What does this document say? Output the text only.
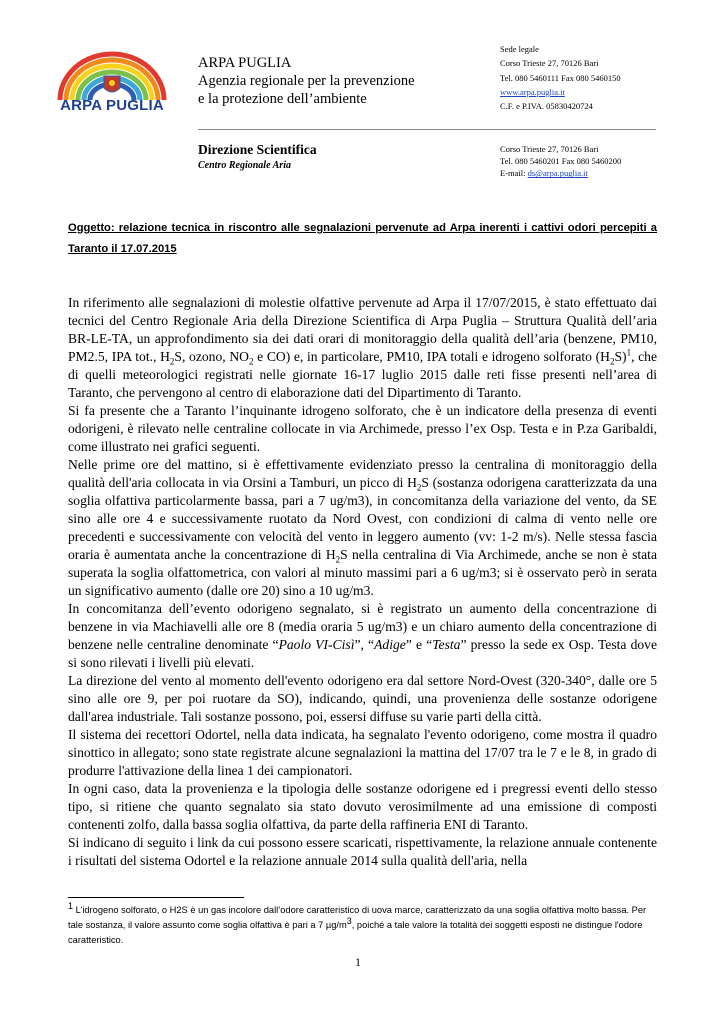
ARPA PUGLIA
ARPA PUGLIA
Agenzia regionale per la prevenzione
e la protezione dell’ambiente
Sede legale
Corso Trieste 27, 70126 Bari
Tel. 080 5460111 Fax 080 5460150
www.arpa.puglia.it
C.F. e P.IVA. 05830420724
Direzione Scientifica
Centro Regionale Aria
Corso Trieste 27, 70126 Bari
Tel. 080 5460201 Fax 080 5460200
E-mail: ds@arpa.puglia.it
Oggetto: relazione tecnica in riscontro alle segnalazioni pervenute ad Arpa inerenti i cattivi odori percepiti a Taranto il 17.07.2015

In riferimento alle segnalazioni di molestie olfattive pervenute ad Arpa il 17/07/2015, è stato effettuato dai tecnici del Centro Regionale Aria della Direzione Scientifica di Arpa Puglia – Struttura Qualità dell’aria BR-LE-TA, un approfondimento sia dei dati orari di monitoraggio della qualità dell’aria (benzene, PM10, PM2.5, IPA tot., $H_2S$, ozono, $NO_2$ e CO) e, in particolare, PM10, IPA totali e idrogeno solforato $(H_2S)^1$, che di quelli meteorologici registrati nelle giornate 16-17 luglio 2015 dalle reti fisse presenti nell’area di Taranto, che pervengono al centro di elaborazione dati del Dipartimento di Taranto.

Si fa presente che a Taranto l’inquinante idrogeno solforato, che è un indicatore della presenza di eventi odorigeni, è rilevato nelle centraline collocate in via Archimede, presso l’ex Osp. Testa e in P.za Garibaldi, come illustrato nei grafici seguenti.

Nelle prime ore del mattino, si è effettivamente evidenziato presso la centralina di monitoraggio della qualità dell'aria collocata in via Orsini a Tamburi, un picco di $H_2S$ (sostanza odorigena caratterizzata da una soglia olfattiva particolarmente bassa, pari a 7 ug/m3), in concomitanza della variazione del vento, da SE sino alle ore 4 e successivamente ruotato da Nord Ovest, con condizioni di calma di vento nelle ore precedenti e successivamente con velocità del vento in leggero aumento (vv: 1-2 m/s). Nelle stessa fascia oraria è aumentata anche la concentrazione di $H_2S$ nella centralina di Via Archimede, anche se non è stata superata la soglia olfattometrica, con valori al minuto massimi pari a 6 ug/m3; si è osservato però in serata un significativo aumento (dalle ore 20) sino a 10 ug/m3.

In concomitanza dell’evento odorigeno segnalato, si è registrato un aumento della concentrazione di benzene in via Machiavelli alle ore 8 (media oraria 5 ug/m3) e un chiaro aumento della concentrazione di benzene nelle centraline denominate “Paolo VI-Cisì”, “Adige” e “Testa” presso la sede ex Osp. Testa dove si sono rilevati i livelli più elevati.

La direzione del vento al momento dell'evento odorigeno era dal settore Nord-Ovest (320-340°, dalle ore 5 sino alle ore 9, per poi ruotare da SO), indicando, quindi, una provenienza delle sostanze odorigene dall'area industriale. Tali sostanze possono, poi, essersi diffuse su varie parti della città.

Il sistema dei recettori Odortel, nella data indicata, ha segnalato l'evento odorigeno, come mostra il quadro sinottico in allegato; sono state registrate alcune segnalazioni la mattina del 17/07 tra le 7 e le 8, in grado di produrre l'attivazione della linea 1 dei campionatori.

In ogni caso, data la provenienza e la tipologia delle sostanze odorigene ed i pregressi eventi dello stesso tipo, si ritiene che quanto segnalato sia stato dovuto verosimilmente ad una emissione di composti contenenti zolfo, dalla bassa soglia olfattiva, da parte della raffineria ENI di Taranto.

Si indicano di seguito i link da cui possono essere scaricati, rispettivamente, la relazione annuale contenente i risultati del sistema Odortel e la relazione annuale 2014 sulla qualità dell'aria, nella

$^1$ L’idrogeno solforato, o H2S è un gas incolore dall’odore caratteristico di uova marce, caratterizzato da una soglia olfattiva molto bassa. Per tale sostanza, il valore assunto come soglia olfattiva è pari a 7 $\mu g/m^3$, poiché a tale valore la totalità dei soggetti esposti ne distingue l'odore caratteristico.
1
